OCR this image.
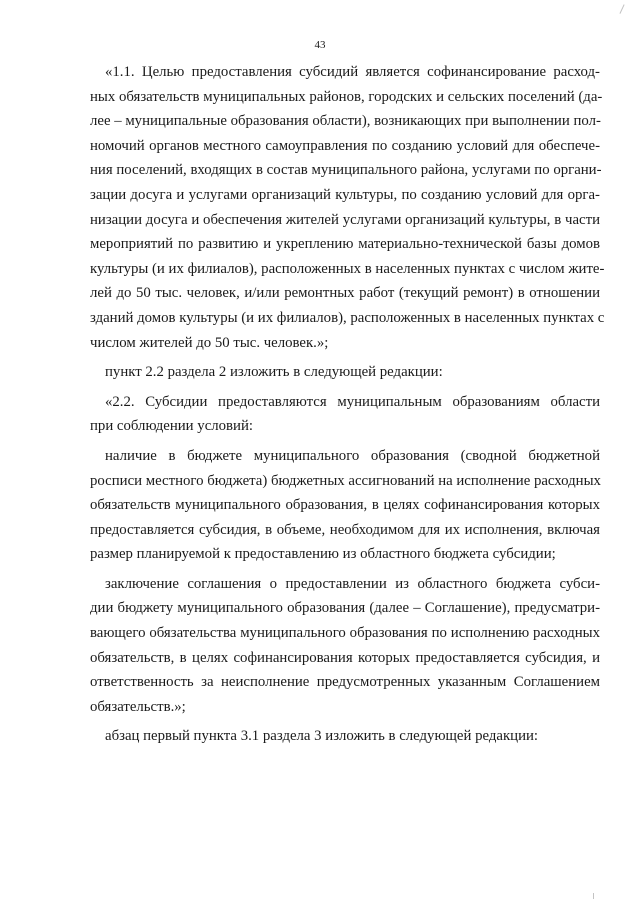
43
«1.1. Целью предоставления субсидий является софинансирование расход-
ных обязательств муниципальных районов, городских и сельских поселений (да-
лее – муниципальные образования области), возникающих при выполнении пол-
номочий органов местного самоуправления по созданию условий для обеспече-
ния поселений, входящих в состав муниципального района, услугами по органи-
зации досуга и услугами организаций культуры, по созданию условий для орга-
низации досуга и обеспечения жителей услугами организаций культуры, в части
мероприятий по развитию и укреплению материально-технической базы домов
культуры (и их филиалов), расположенных в населенных пунктах с числом жите-
лей до 50 тыс. человек, и/или ремонтных работ (текущий ремонт) в отношении
зданий домов культуры (и их филиалов), расположенных в населенных пунктах с
числом жителей до 50 тыс. человек.»;
пункт 2.2 раздела 2 изложить в следующей редакции:
«2.2. Субсидии предоставляются муниципальным образованиям области
при соблюдении условий:
наличие в бюджете муниципального образования (сводной бюджетной
росписи местного бюджета) бюджетных ассигнований на исполнение расходных
обязательств муниципального образования, в целях софинансирования которых
предоставляется субсидия, в объеме, необходимом для их исполнения, включая
размер планируемой к предоставлению из областного бюджета субсидии;
заключение соглашения о предоставлении из областного бюджета субси-
дии бюджету муниципального образования (далее – Соглашение), предусматри-
вающего обязательства муниципального образования по исполнению расходных
обязательств, в целях софинансирования которых предоставляется субсидия, и
ответственность за неисполнение предусмотренных указанным Соглашением
обязательств.»;
абзац первый пункта 3.1 раздела 3 изложить в следующей редакции:
